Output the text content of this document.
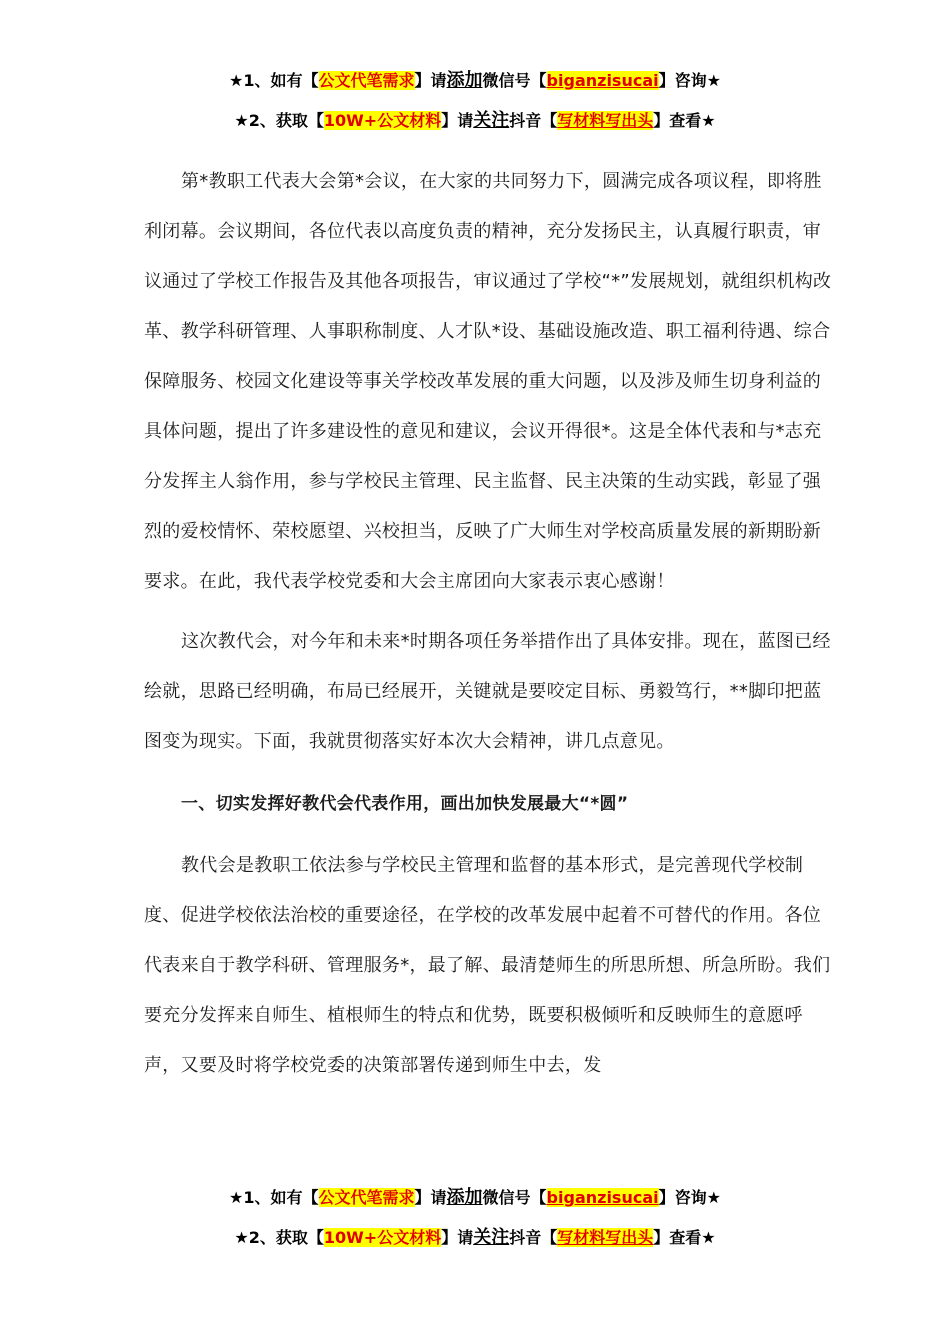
★1、如有【公文代笔需求】请添加微信号【biganzisucai】咨询★
★2、获取【10W+公文材料】请关注抖音【写材料写出头】查看★

第*教职工代表大会第*会议，在大家的共同努力下，圆满完成各项议程，即将胜利闭幕。会议期间，各位代表以高度负责的精神，充分发扬民主，认真履行职责，审议通过了学校工作报告及其他各项报告，审议通过了学校“*”发展规划，就组织机构改革、教学科研管理、人事职称制度、人才队*设、基础设施改造、职工福利待遇、综合保障服务、校园文化建设等事关学校改革发展的重大问题，以及涉及师生切身利益的具体问题，提出了许多建设性的意见和建议，会议开得很*。这是全体代表和与*志充分发挥主人翁作用，参与学校民主管理、民主监督、民主决策的生动实践，彰显了强烈的爱校情怀、荣校愿望、兴校担当，反映了广大师生对学校高质量发展的新期盼新要求。在此，我代表学校党委和大会主席团向大家表示衷心感谢！

这次教代会，对今年和未来*时期各项任务举措作出了具体安排。现在，蓝图已经绘就，思路已经明确，布局已经展开，关键就是要咬定目标、勇毅笃行，**脚印把蓝图变为现实。下面，我就贯彻落实好本次大会精神，讲几点意见。

一、切实发挥好教代会代表作用，画出加快发展最大“*圆”

教代会是教职工依法参与学校民主管理和监督的基本形式，是完善现代学校制度、促进学校依法治校的重要途径，在学校的改革发展中起着不可替代的作用。各位代表来自于教学科研、管理服务*，最了解、最清楚师生的所思所想、所急所盼。我们要充分发挥来自师生、植根师生的特点和优势，既要积极倾听和反映师生的意愿呼声，又要及时将学校党委的决策部署传递到师生中去，发

★1、如有【公文代笔需求】请添加微信号【biganzisucai】咨询★
★2、获取【10W+公文材料】请关注抖音【写材料写出头】查看★
